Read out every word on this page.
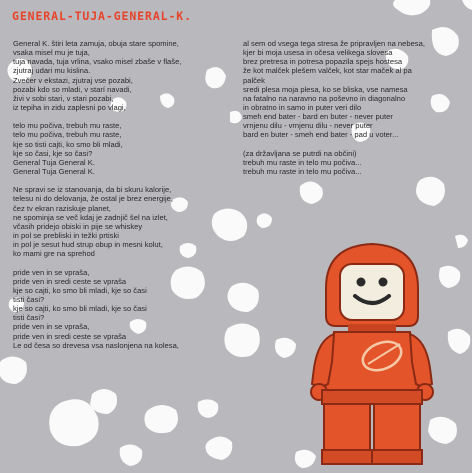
GENERAL-TUJA-GENERAL-K.
General K. štiri leta zamuja, obuja stare spomine,
vsaka misel mu je tuja,
tuja navada, tuja vrlina, vsako misel zbaše v flaše,
zjutraj udari mu kislina.
Zvečer v ekstazi, zjutraj vse pozabi,
pozabi kdo so mladi, v starí navadi,
živi v sobi stari, v stari pozabi,
iz tepiha in zidu zaplesni po vlagi,
telo mu počiva, trebuh mu raste,
telo mu počiva, trebuh mu raste,
kje so tisti cajti, ko smo bli mladi,
kje so časi, kje so časi?
General Tuja General K.
General Tuja General K.
Ne spravi se iz stanovanja, da bi skuru kalorije,
telesu ni do delovanja, že ostal je brez energije,
čez tv ekran raziskuje planet,
ne spominja se več kdaj je zadnjič šel na izlet,
včasih pridejo obiski in pije se whiskey
in pol se prebliski in težki prtiski
in pol je sesut hud strup obup in mesni kolut,
ko mami gre na sprehod
pride ven in se vpraša,
pride ven in sredi ceste se vpraša
kje so cajti, ko smo bli mladi, kje so časi
tisti časi?
kje so cajti, ko smo bli mladi, kje so časi
tisti časi?
pride ven in se vpraša,
pride ven in sredi ceste se vpraša
Le od česa so drevesa vsa naslonjena na kolesa,
al sem od vsega tega stresa že pripravljen na nebesa,
kjer bi moja usesa in očesa velikega slovesa
brez pretresa in potresa popazila spejs hostesa
že kot malček plešem valček, kot star maček al pa
palček
sredi plesa moja plesa, ko se bliska, vse namesa
na fatalno na naravno na poševno in diagonalno
in obratno in samo in puter veri dilo
smeh end bater - bard en buter - never puter
vrnjenu dilu - vrnjenu dilu - never puter
bard en buter - smeh end bater - pad u voter...
(za državljana se putrdi na občini)
trebuh mu raste in telo mu počiva...
trebuh mu raste in telo mu počiva...
